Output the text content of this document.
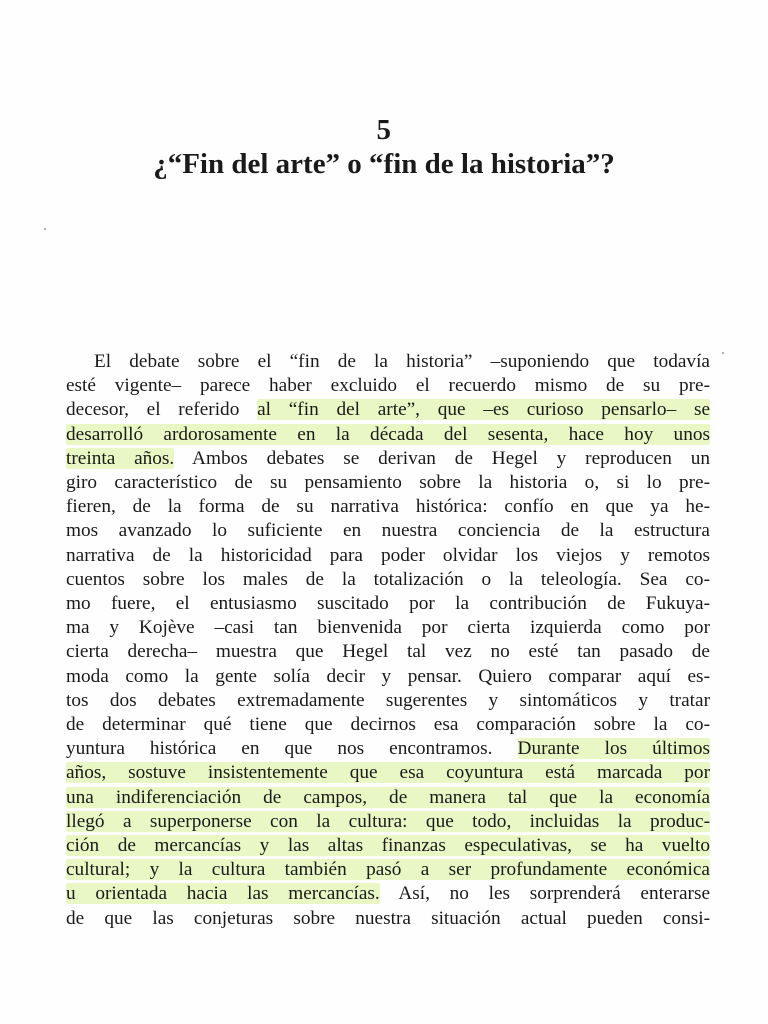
5
¿“Fin del arte” o “fin de la historia”?
El debate sobre el “fin de la historia” –suponiendo que todavía
esté vigente– parece haber excluido el recuerdo mismo de su pre-
decesor, el referido al “fin del arte”, que –es curioso pensarlo– se
desarrolló ardorosamente en la década del sesenta, hace hoy unos
treinta años. Ambos debates se derivan de Hegel y reproducen un
giro característico de su pensamiento sobre la historia o, si lo pre-
fieren, de la forma de su narrativa histórica: confío en que ya he-
mos avanzado lo suficiente en nuestra conciencia de la estructura
narrativa de la historicidad para poder olvidar los viejos y remotos
cuentos sobre los males de la totalización o la teleología. Sea co-
mo fuere, el entusiasmo suscitado por la contribución de Fukuya-
ma y Kojève –casi tan bienvenida por cierta izquierda como por
cierta derecha– muestra que Hegel tal vez no esté tan pasado de
moda como la gente solía decir y pensar. Quiero comparar aquí es-
tos dos debates extremadamente sugerentes y sintomáticos y tratar
de determinar qué tiene que decirnos esa comparación sobre la co-
yuntura histórica en que nos encontramos. Durante los últimos
años, sostuve insistentemente que esa coyuntura está marcada por
una indiferenciación de campos, de manera tal que la economía
llegó a superponerse con la cultura: que todo, incluidas la produc-
ción de mercancías y las altas finanzas especulativas, se ha vuelto
cultural; y la cultura también pasó a ser profundamente económica
u orientada hacia las mercancías. Así, no les sorprenderá enterarse
de que las conjeturas sobre nuestra situación actual pueden consi-
